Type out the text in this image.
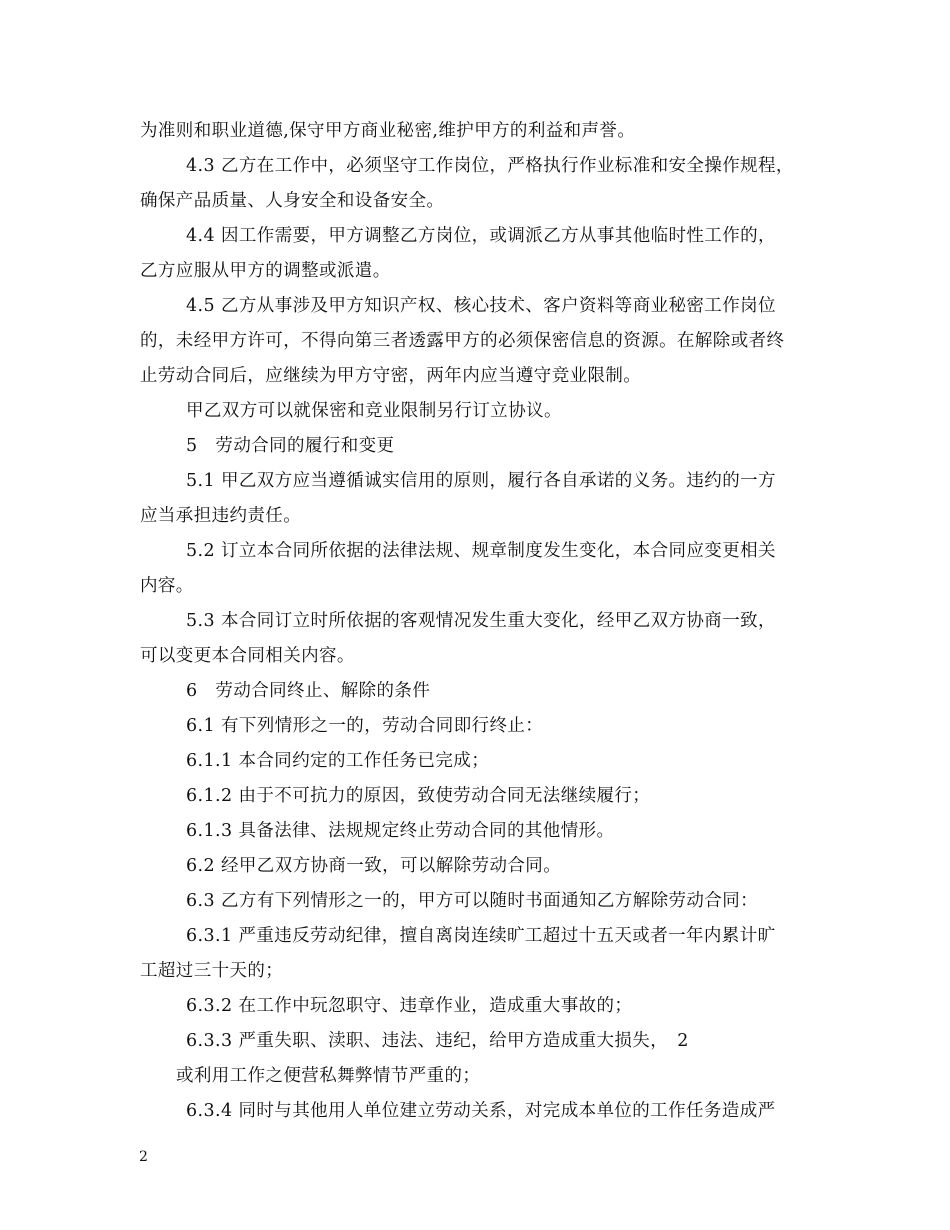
为准则和职业道德,保守甲方商业秘密,维护甲方的利益和声誉。
4.3 乙方在工作中，必须坚守工作岗位，严格执行作业标准和安全操作规程，
确保产品质量、人身安全和设备安全。
4.4 因工作需要，甲方调整乙方岗位，或调派乙方从事其他临时性工作的，
乙方应服从甲方的调整或派遣。
4.5 乙方从事涉及甲方知识产权、核心技术、客户资料等商业秘密工作岗位
的，未经甲方许可，不得向第三者透露甲方的必须保密信息的资源。在解除或者终
止劳动合同后，应继续为甲方守密，两年内应当遵守竞业限制。
甲乙双方可以就保密和竞业限制另行订立协议。
5　劳动合同的履行和变更
5.1 甲乙双方应当遵循诚实信用的原则，履行各自承诺的义务。违约的一方
应当承担违约责任。
5.2 订立本合同所依据的法律法规、规章制度发生变化，本合同应变更相关
内容。
5.3 本合同订立时所依据的客观情况发生重大变化，经甲乙双方协商一致，
可以变更本合同相关内容。
6　劳动合同终止、解除的条件
6.1 有下列情形之一的，劳动合同即行终止：
6.1.1 本合同约定的工作任务已完成；
6.1.2 由于不可抗力的原因，致使劳动合同无法继续履行；
6.1.3 具备法律、法规规定终止劳动合同的其他情形。
6.2 经甲乙双方协商一致，可以解除劳动合同。
6.3 乙方有下列情形之一的，甲方可以随时书面通知乙方解除劳动合同：
6.3.1 严重违反劳动纪律，擅自离岗连续旷工超过十五天或者一年内累计旷
工超过三十天的；
6.3.2 在工作中玩忽职守、违章作业，造成重大事故的；
6.3.3 严重失职、渎职、违法、违纪，给甲方造成重大损失，　2
或利用工作之便营私舞弊情节严重的；
6.3.4 同时与其他用人单位建立劳动关系，对完成本单位的工作任务造成严
2
